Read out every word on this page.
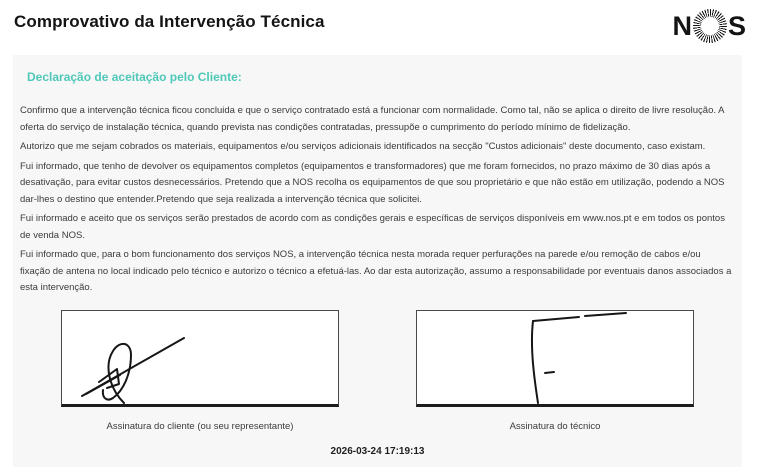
Comprovativo da Intervenção Técnica	N S

Declaração de aceitação pelo Cliente:

Confirmo que a intervenção técnica ficou concluida e que o serviço contratado está a funcionar com normalidade. Como tal, não se aplica o direito de livre resolução. A oferta do serviço de instalação técnica, quando prevista nas condições contratadas, pressupõe o cumprimento do período mínimo de fidelização.

Autorizo que me sejam cobrados os materiais, equipamentos e/ou serviços adicionais identificados na secção "Custos adicionais" deste documento, caso existam.

Fui informado, que tenho de devolver os equipamentos completos (equipamentos e transformadores) que me foram fornecidos, no prazo máximo de 30 dias após a desativação, para evitar custos desnecessários. Pretendo que a NOS recolha os equipamentos de que sou proprietário e que não estão em utilização, podendo a NOS dar-lhes o destino que entender.Pretendo que seja realizada a intervenção técnica que solicitei.

Fui informado e aceito que os serviços serão prestados de acordo com as condições gerais e específicas de serviços disponíveis em www.nos.pt e em todos os pontos de venda NOS.

Fui informado que, para o bom funcionamento dos serviços NOS, a intervenção técnica nesta morada requer perfurações na parede e/ou remoção de cabos e/ou fixação de antena no local indicado pelo técnico e autorizo o técnico a efetuá-las. Ao dar esta autorização, assumo a responsabilidade por eventuais danos associados a esta intervenção.

Assinatura do cliente (ou seu representante)	Assinatura do técnico
2026-03-24 17:19:13
